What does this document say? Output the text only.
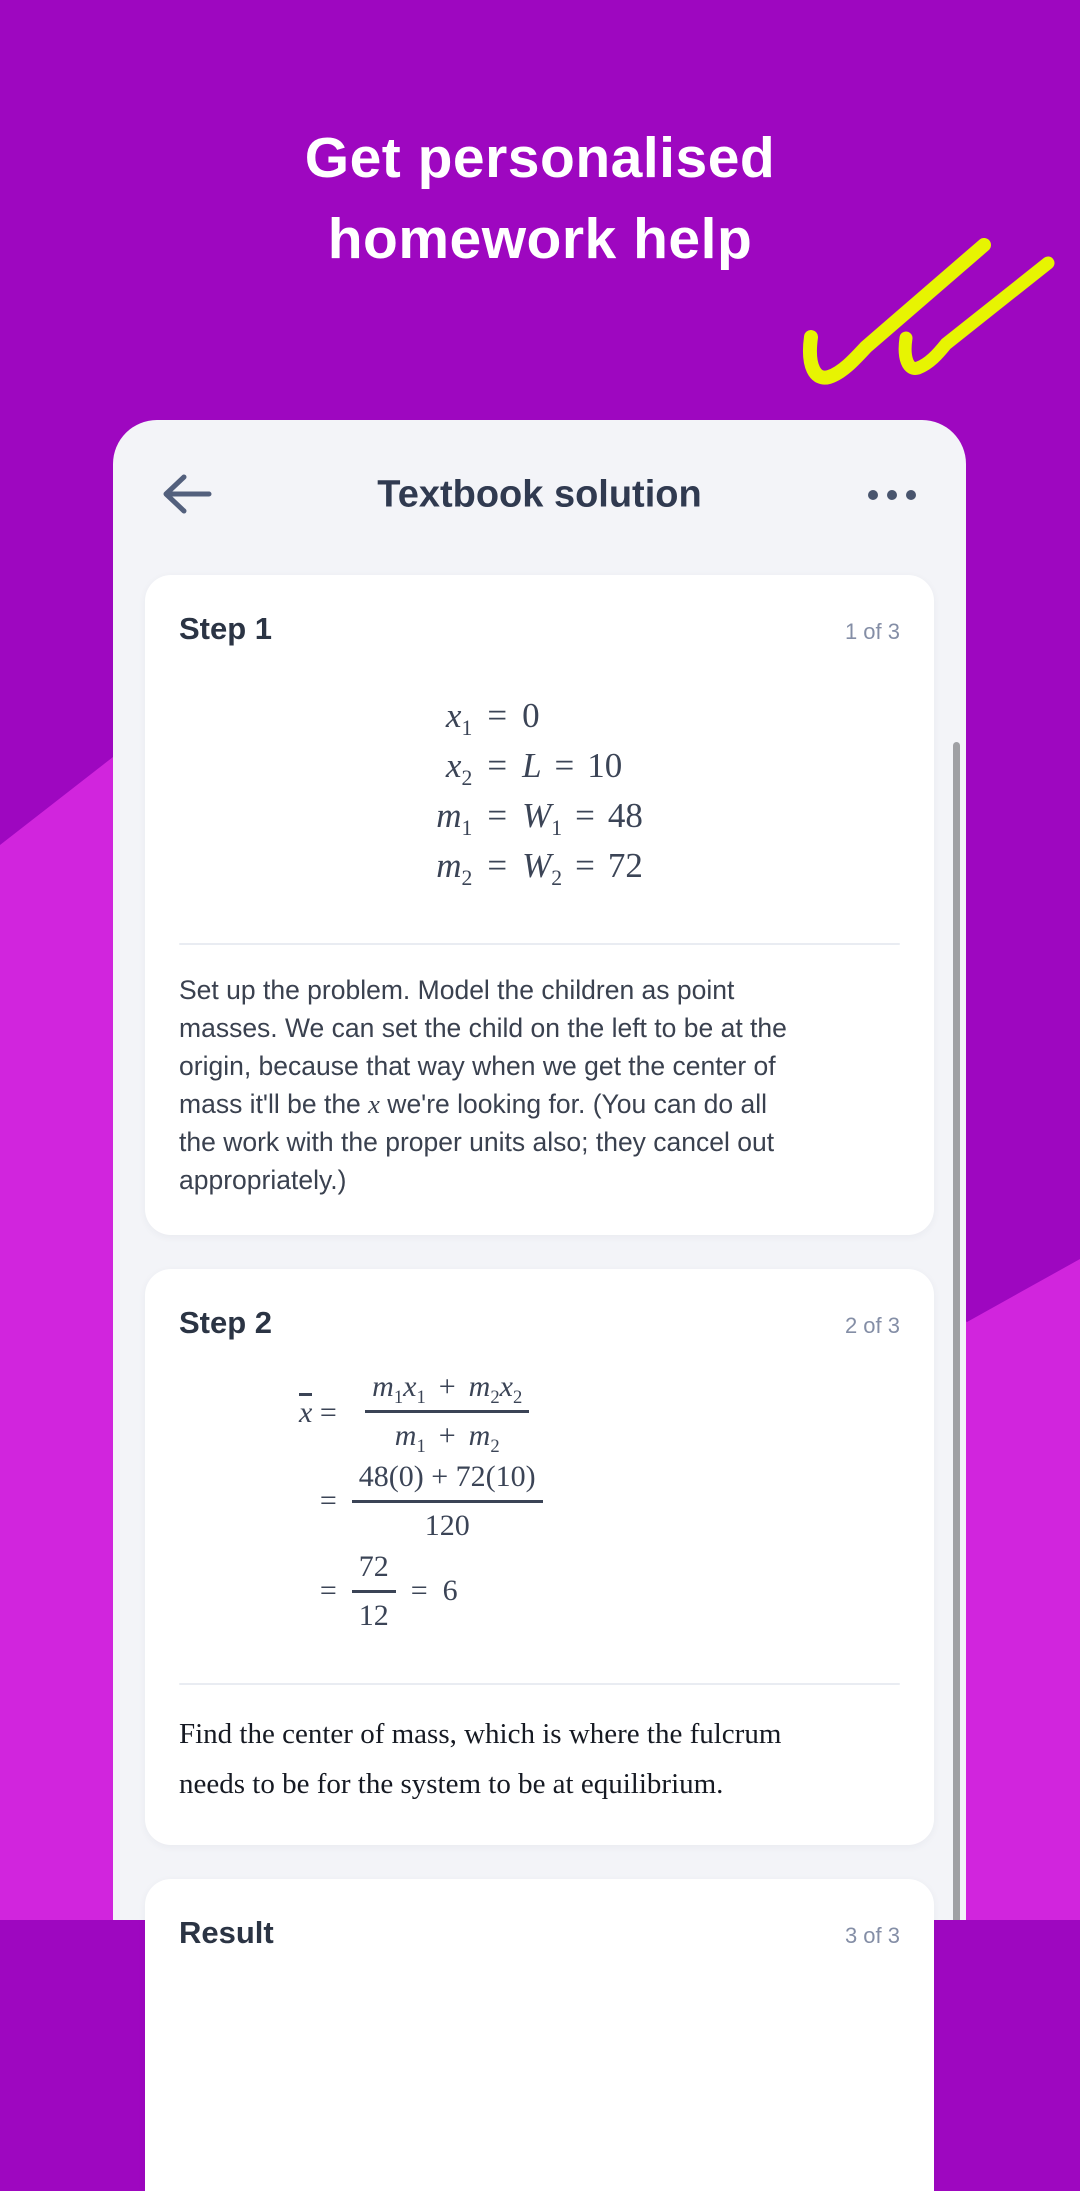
Get personalised
homework help
Textbook solution
Step 1	1 of 3
$x_1 = 0$
$x_2 = L = 10$
$m_1 = W_1 = 48$
$m_2 = W_2 = 72$
Set up the problem. Model the children as point
masses. We can set the child on the left to be at the
origin, because that way when we get the center of
mass it'll be the x we're looking for. (You can do all
the work with the proper units also; they cancel out
appropriately.)
Step 2	2 of 3
$x = \frac{m_1x_1 + m_2x_2}{m_1 + m_2}$
= $\frac{48(0) + 72(10)}{120}$
= $\frac{72}{12} = 6$
Find the center of mass, which is where the fulcrum
needs to be for the system to be at equilibrium.
Result	3 of 3
